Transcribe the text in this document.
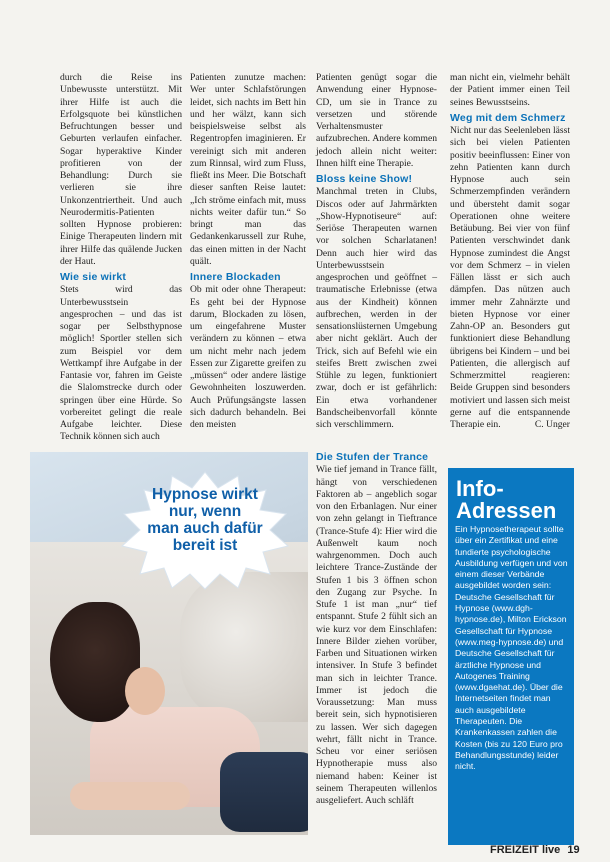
durch die Reise ins Unbewusste unterstützt. Mit ihrer Hilfe ist auch die Erfolgsquote bei künstlichen Befruchtungen besser und Geburten verlaufen einfacher. Sogar hyperaktive Kinder profitieren von der Behandlung: Durch sie verlieren sie ihre Unkonzentriertheit. Und auch Neurodermitis-Patienten sollten Hypnose probieren: Einige Therapeuten lindern mit ihrer Hilfe das quälende Jucken der Haut.

Wie sie wirkt

Stets wird das Unterbewusstsein angesprochen – und das ist sogar per Selbsthypnose möglich! Sportler stellen sich zum Beispiel vor dem Wettkampf ihre Aufgabe in der Fantasie vor, fahren im Geiste die Slalomstrecke durch oder springen über eine Hürde. So vorbereitet gelingt die reale Aufgabe leichter. Diese Technik können sich auch

Patienten zunutze machen: Wer unter Schlafstörungen leidet, sich nachts im Bett hin und her wälzt, kann sich beispielsweise selbst als Regentropfen imaginieren. Er vereinigt sich mit anderen zum Rinnsal, wird zum Fluss, fließt ins Meer. Die Botschaft dieser sanften Reise lautet: „Ich ströme einfach mit, muss nichts weiter dafür tun.“ So bringt man das Gedankenkarussell zur Ruhe, das einen mitten in der Nacht quält.

Innere Blockaden

Ob mit oder ohne Therapeut: Es geht bei der Hypnose darum, Blockaden zu lösen, um eingefahrene Muster verändern zu können – etwa um nicht mehr nach jedem Essen zur Zigarette greifen zu „müssen“ oder andere lästige Gewohnheiten loszuwerden. Auch Prüfungsängste lassen sich dadurch behandeln. Bei den meisten

Patienten genügt sogar die Anwendung einer Hypnose-CD, um sie in Trance zu versetzen und störende Verhaltensmuster aufzubrechen. Andere kommen jedoch allein nicht weiter: Ihnen hilft eine Therapie.

Bloss keine Show!

Manchmal treten in Clubs, Discos oder auf Jahrmärkten „Show-Hypnotiseure“ auf: Seriöse Therapeuten warnen vor solchen Scharlatanen! Denn auch hier wird das Unterbewusstsein angesprochen und geöffnet – traumatische Erlebnisse (etwa aus der Kindheit) können aufbrechen, werden in der sensationslüsternen Umgebung aber nicht geklärt. Auch der Trick, sich auf Befehl wie ein steifes Brett zwischen zwei Stühle zu legen, funktioniert zwar, doch er ist gefährlich: Ein etwa vorhandener Bandscheibenvorfall könnte sich verschlimmern.

Die Stufen der Trance

Wie tief jemand in Trance fällt, hängt von verschiedenen Faktoren ab – angeblich sogar von den Erbanlagen. Nur einer von zehn gelangt in Tieftrance (Trance-Stufe 4): Hier wird die Außenwelt kaum noch wahrgenommen. Doch auch leichtere Trance-Zustände der Stufen 1 bis 3 öffnen schon den Zugang zur Psyche. In Stufe 1 ist man „nur“ tief entspannt. Stufe 2 fühlt sich an wie kurz vor dem Einschlafen: Innere Bilder ziehen vorüber, Farben und Situationen wirken intensiver. In Stufe 3 befindet man sich in leichter Trance. Immer ist jedoch die Voraussetzung: Man muss bereit sein, sich hypnotisieren zu lassen. Wer sich dagegen wehrt, fällt nicht in Trance. Scheu vor einer seriösen Hypnotherapie muss also niemand haben: Keiner ist seinem Therapeuten willenlos ausgeliefert. Auch schläft

man nicht ein, vielmehr behält der Patient immer einen Teil seines Bewusstseins.

Weg mit dem Schmerz

Nicht nur das Seelenleben lässt sich bei vielen Patienten positiv beeinflussen: Einer von zehn Patienten kann durch Hypnose auch sein Schmerzempfinden verändern und übersteht damit sogar Operationen ohne weitere Betäubung. Bei vier von fünf Patienten verschwindet dank Hypnose zumindest die Angst vor dem Schmerz – in vielen Fällen lässt er sich auch dämpfen. Das nützen auch immer mehr Zahnärzte und bieten Hypnose vor einer Zahn-OP an. Besonders gut funktioniert diese Behandlung übrigens bei Kindern – und bei Patienten, die allergisch auf Schmerzmittel reagieren: Beide Gruppen sind besonders motiviert und lassen sich meist gerne auf die entspannende Therapie ein.	C. Unger

Hypnose wirkt
nur, wenn
man auch dafür
bereit ist
Info-
Adressen
Ein Hypnosetherapeut sollte über ein Zertifikat und eine fundierte psychologische Ausbildung verfügen und von einem dieser Verbände ausgebildet worden sein: Deutsche Gesellschaft für Hypnose (www.dgh-hypnose.de), Milton Erickson Gesellschaft für Hypnose (www.meg-hypnose.de) und Deutsche Gesellschaft für ärztliche Hypnose und Autogenes Training (www.dgaehat.de). Über die Internetseiten findet man auch ausgebildete Therapeuten. Die Krankenkassen zahlen die Kosten (bis zu 120 Euro pro Behandlungsstunde) leider nicht.
FREIZEIT live 19
